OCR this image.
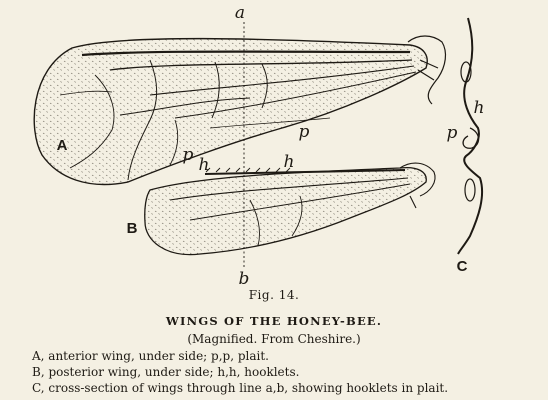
a
b
A
B
C
p
p	p
h	h
h
Fig. 14.
WINGS OF THE HONEY-BEE.
(Magnified. From Cheshire.)
A, anterior wing, under side; p,p, plait.
B, posterior wing, under side; h,h, hooklets.
C, cross-section of wings through line a,b, showing hooklets in plait.
